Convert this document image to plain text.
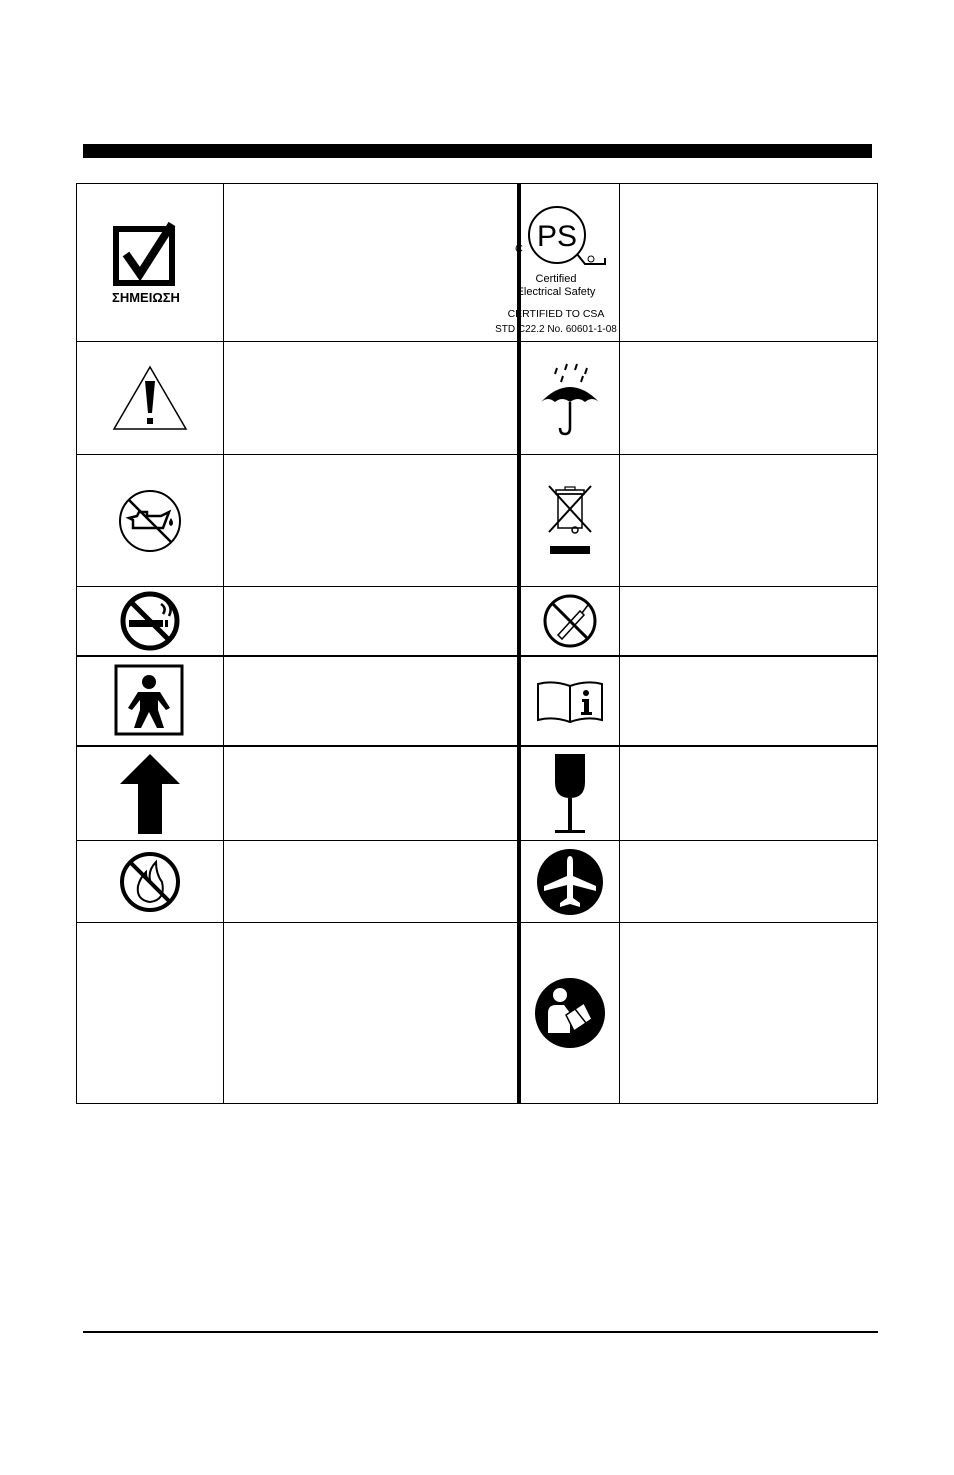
ΣΗΜΕΙΩΣΗ
C PS
Certified
Electrical Safety
CERTIFIED TO CSA
STD C22.2 No. 60601-1-08
